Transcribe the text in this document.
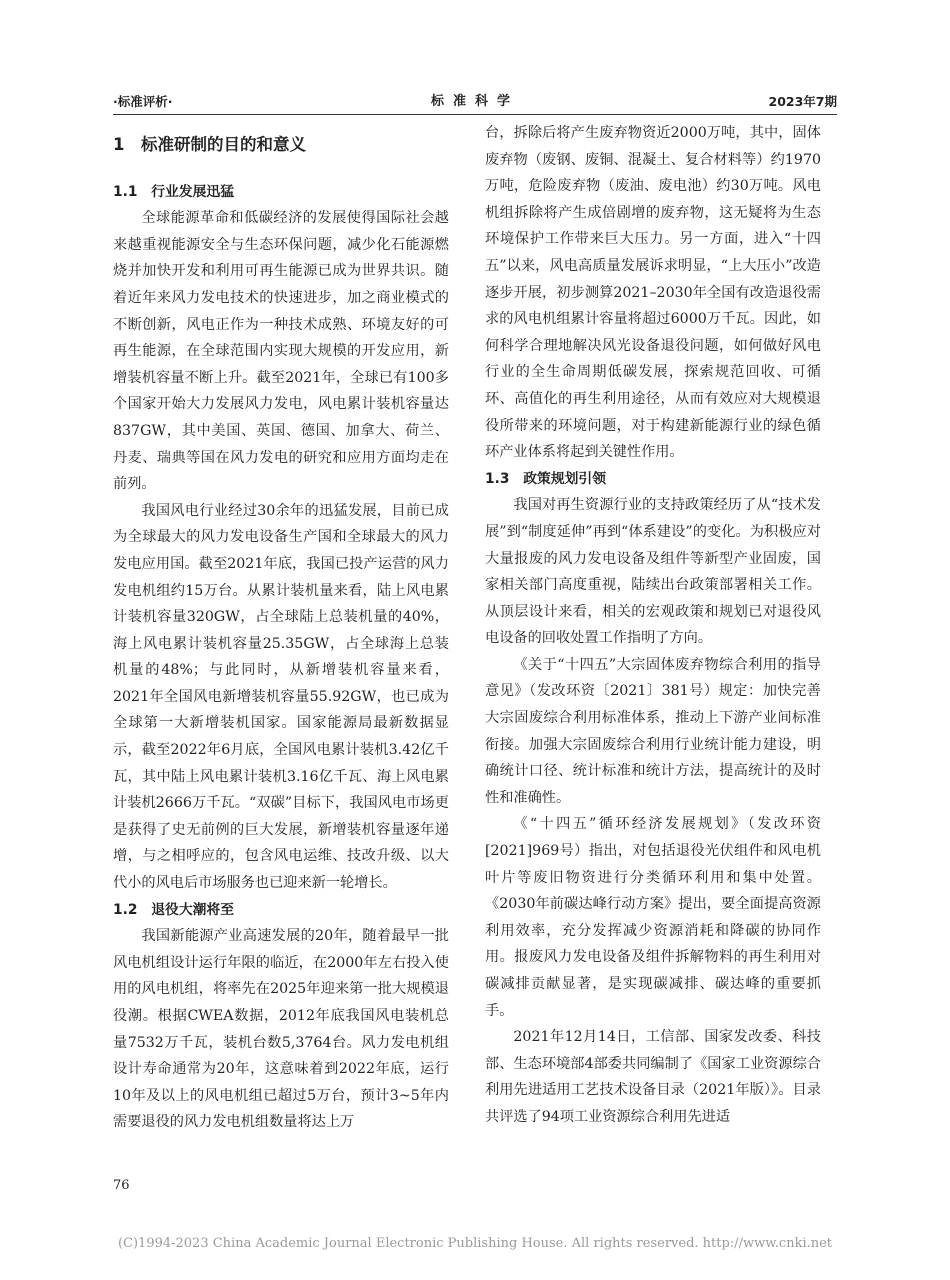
·标准评析·	标准科学	2023年7期
1　标准研制的目的和意义
1.1　行业发展迅猛

全球能源革命和低碳经济的发展使得国际社会越来越重视能源安全与生态环保问题，减少化石能源燃烧并加快开发和利用可再生能源已成为世界共识。随着近年来风力发电技术的快速进步，加之商业模式的不断创新，风电正作为一种技术成熟、环境友好的可再生能源，在全球范围内实现大规模的开发应用，新增装机容量不断上升。截至2021年，全球已有100多个国家开始大力发展风力发电，风电累计装机容量达837GW，其中美国、英国、德国、加拿大、荷兰、丹麦、瑞典等国在风力发电的研究和应用方面均走在前列。

我国风电行业经过30余年的迅猛发展，目前已成为全球最大的风力发电设备生产国和全球最大的风力发电应用国。截至2021年底，我国已投产运营的风力发电机组约15万台。从累计装机量来看，陆上风电累计装机容量320GW，占全球陆上总装机量的40%，海上风电累计装机容量25.35GW，占全球海上总装机量的48%；与此同时，从新增装机容量来看，2021年全国风电新增装机容量55.92GW，也已成为全球第一大新增装机国家。国家能源局最新数据显示，截至2022年6月底，全国风电累计装机3.42亿千瓦，其中陆上风电累计装机3.16亿千瓦、海上风电累计装机2666万千瓦。“双碳”目标下，我国风电市场更是获得了史无前例的巨大发展，新增装机容量逐年递增，与之相呼应的，包含风电运维、技改升级、以大代小的风电后市场服务也已迎来新一轮增长。

1.2　退役大潮将至

我国新能源产业高速发展的20年，随着最早一批风电机组设计运行年限的临近，在2000年左右投入使用的风电机组，将率先在2025年迎来第一批大规模退役潮。根据CWEA数据，2012年底我国风电装机总量7532万千瓦，装机台数5,3764台。风力发电机组设计寿命通常为20年，这意味着到2022年底，运行10年及以上的风电机组已超过5万台，预计3~5年内需要退役的风力发电机组数量将达上万

台，拆除后将产生废弃物资近2000万吨，其中，固体废弃物（废钢、废铜、混凝土、复合材料等）约1970万吨，危险废弃物（废油、废电池）约30万吨。风电机组拆除将产生成倍剧增的废弃物，这无疑将为生态环境保护工作带来巨大压力。另一方面，进入“十四五”以来，风电高质量发展诉求明显，“上大压小”改造逐步开展，初步测算2021–2030年全国有改造退役需求的风电机组累计容量将超过6000万千瓦。因此，如何科学合理地解决风光设备退役问题，如何做好风电行业的全生命周期低碳发展，探索规范回收、可循环、高值化的再生利用途径，从而有效应对大规模退役所带来的环境问题，对于构建新能源行业的绿色循环产业体系将起到关键性作用。

1.3　政策规划引领

我国对再生资源行业的支持政策经历了从“技术发展”到“制度延伸”再到“体系建设”的变化。为积极应对大量报废的风力发电设备及组件等新型产业固废，国家相关部门高度重视，陆续出台政策部署相关工作。从顶层设计来看，相关的宏观政策和规划已对退役风电设备的回收处置工作指明了方向。

《关于“十四五”大宗固体废弃物综合利用的指导意见》（发改环资〔2021〕381号）规定：加快完善大宗固废综合利用标准体系，推动上下游产业间标准衔接。加强大宗固废综合利用行业统计能力建设，明确统计口径、统计标准和统计方法，提高统计的及时性和准确性。

《“十四五”循环经济发展规划》（发改环资[2021]969号）指出，对包括退役光伏组件和风电机叶片等废旧物资进行分类循环利用和集中处置。《2030年前碳达峰行动方案》提出，要全面提高资源利用效率，充分发挥减少资源消耗和降碳的协同作用。报废风力发电设备及组件拆解物料的再生利用对碳减排贡献显著，是实现碳减排、碳达峰的重要抓手。

2021年12月14日，工信部、国家发改委、科技部、生态环境部4部委共同编制了《国家工业资源综合利用先进适用工艺技术设备目录（2021年版）》。目录共评选了94项工业资源综合利用先进适

76
(C)1994-2023 China Academic Journal Electronic Publishing House. All rights reserved. http://www.cnki.net
